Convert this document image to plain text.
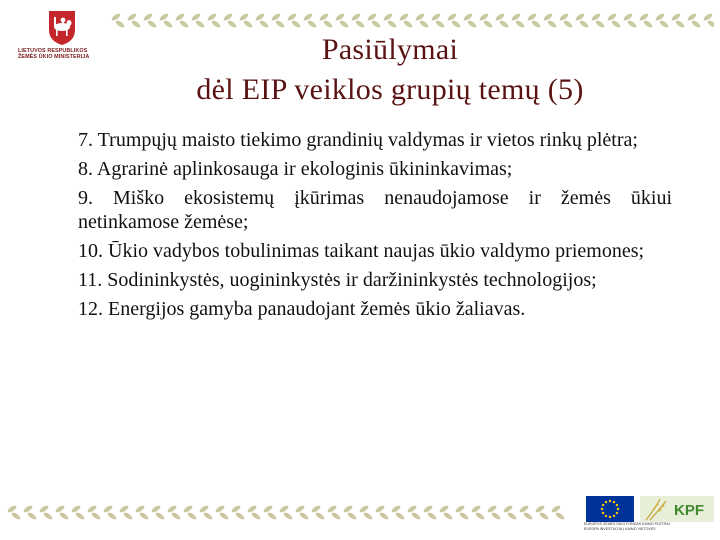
LIETUVOS RESPUBLIKOS
ŽEMĖS ŪKIO MINISTERIJA	Pasiūlymai
dėl EIP veiklos grupių temų (5)
7. Trumpųjų maisto tiekimo grandinių valdymas ir vietos rinkų plėtra;
8. Agrarinė aplinkosauga ir ekologinis ūkininkavimas;
9. Miško ekosistemų įkūrimas nenaudojamose ir žemės ūkiui netinkamose žemėse;
10. Ūkio vadybos tobulinimas taikant naujas ūkio valdymo priemones;
11. Sodininkystės, uogininkystės ir daržininkystės technologijos;
12. Energijos gamyba panaudojant žemės ūkio žaliavas.
KPF
EUROPOS ŽEMĖS ŪKIO FONDAS KAIMO PLĖTRAI:
EUROPA INVESTUOJA Į KAIMO VIETOVES
